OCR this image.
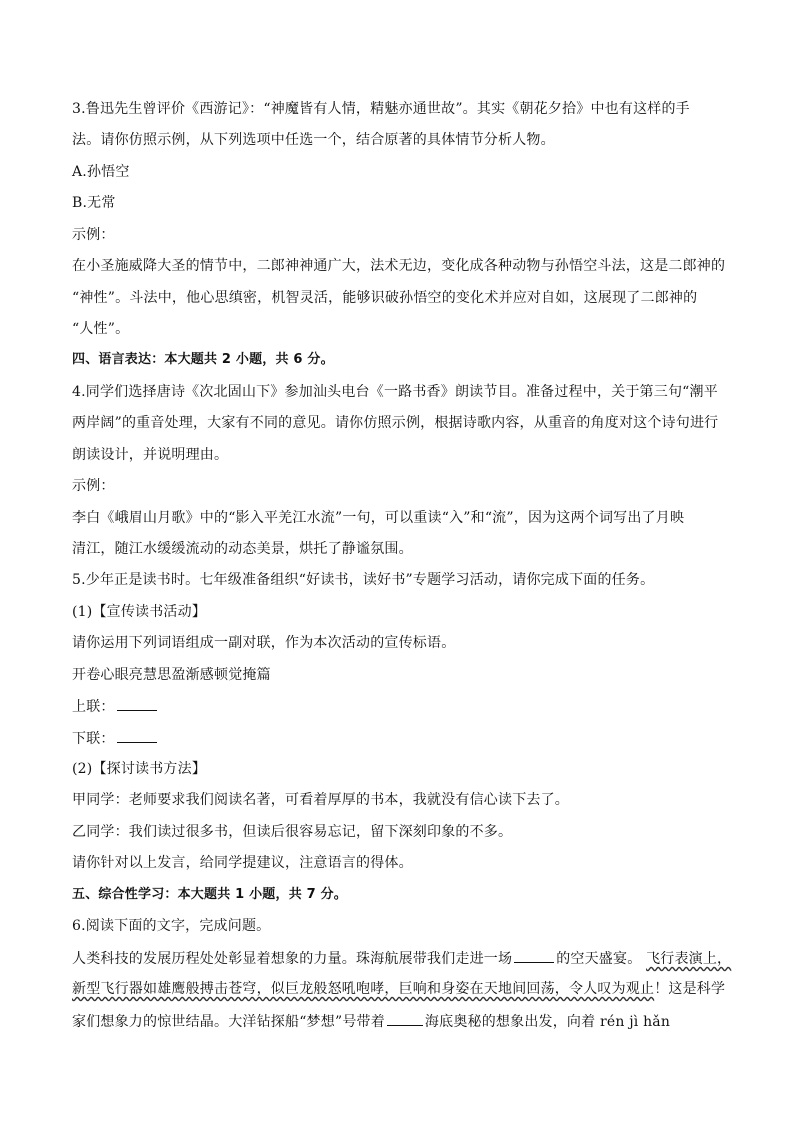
3.鲁迅先生曾评价《西游记》：“神魔皆有人情，精魅亦通世故”。其实《朝花夕拾》中也有这样的手
法。请你仿照示例，从下列选项中任选一个，结合原著的具体情节分析人物。
A.孙悟空
B.无常
示例：
在小圣施威降大圣的情节中，二郎神神通广大，法术无边，变化成各种动物与孙悟空斗法，这是二郎神的
“神性”。斗法中，他心思缜密，机智灵活，能够识破孙悟空的变化术并应对自如，这展现了二郎神的
“人性”。
四、语言表达：本大题共 2 小题，共 6 分。
4.同学们选择唐诗《次北固山下》参加汕头电台《一路书香》朗读节目。准备过程中，关于第三句“潮平
两岸阔”的重音处理，大家有不同的意见。请你仿照示例，根据诗歌内容，从重音的角度对这个诗句进行
朗读设计，并说明理由。
示例：
李白《峨眉山月歌》中的“影入平羌江水流”一句，可以重读“入”和“流”，因为这两个词写出了月映
清江，随江水缓缓流动的动态美景，烘托了静谧氛围。
5.少年正是读书时。七年级准备组织“好读书，读好书”专题学习活动，请你完成下面的任务。
(1)【宣传读书活动】
请你运用下列词语组成一副对联，作为本次活动的宣传标语。
开卷心眼亮慧思盈渐感顿觉掩篇
上联：
下联：
(2)【探讨读书方法】
甲同学：老师要求我们阅读名著，可看着厚厚的书本，我就没有信心读下去了。
乙同学：我们读过很多书，但读后很容易忘记，留下深刻印象的不多。
请你针对以上发言，给同学提建议，注意语言的得体。
五、综合性学习：本大题共 1 小题，共 7 分。
6.阅读下面的文字，完成问题。
人类科技的发展历程处处彰显着想象的力量。珠海航展带我们走进一场	的空天盛宴。 飞行表演上，
新型飞行器如雄鹰般搏击苍穹，似巨龙般怒吼咆哮，巨响和身姿在天地间回荡，令人叹为观止！这是科学
家们想象力的惊世结晶。大洋钻探船“梦想”号带着	海底奥秘的想象出发，向着 rén jì hǎn
